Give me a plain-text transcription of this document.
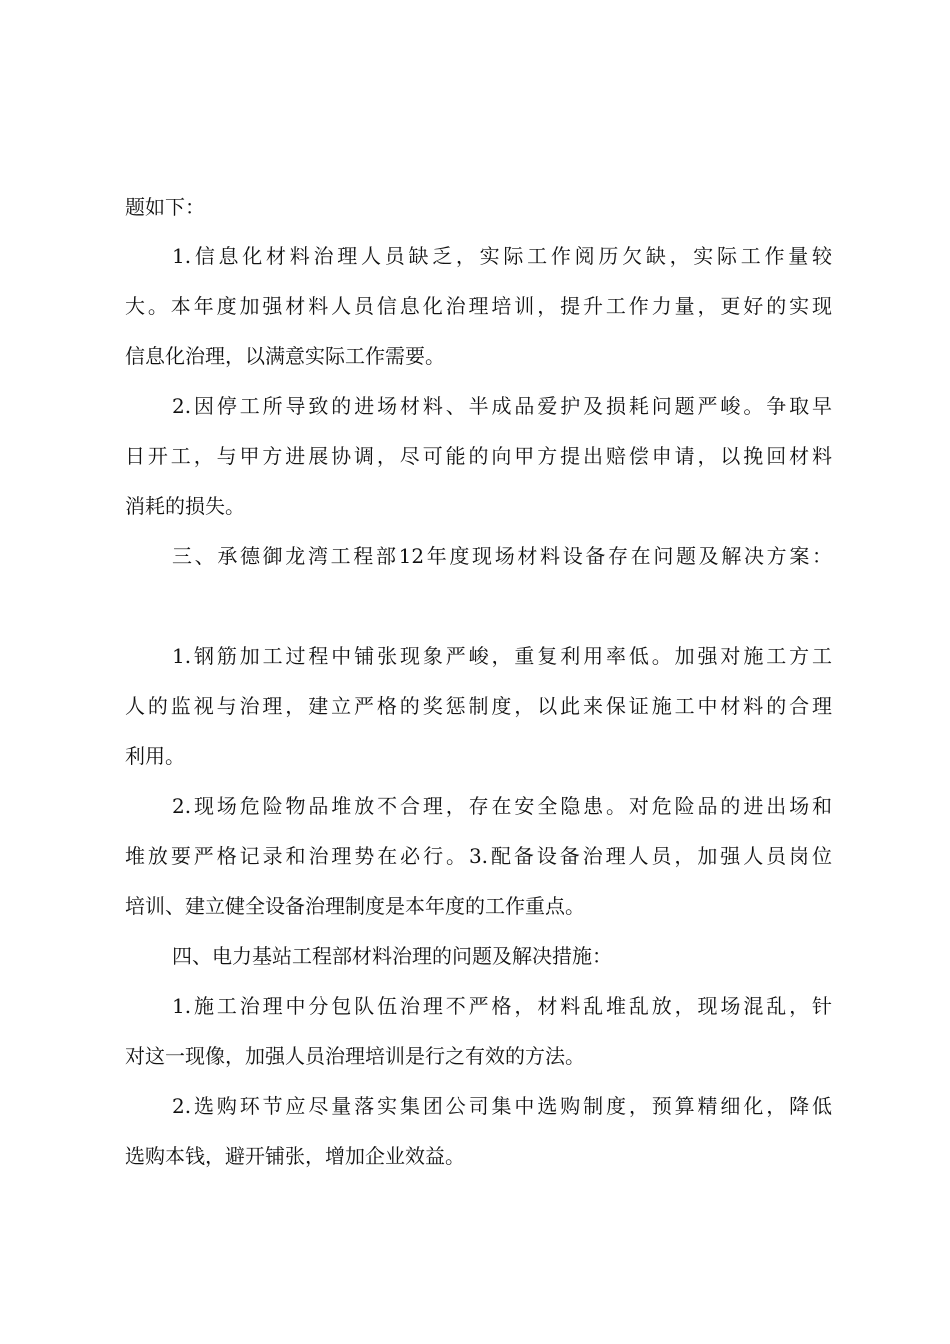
题如下：
1.信息化材料治理人员缺乏，实际工作阅历欠缺，实际工作量较
大。本年度加强材料人员信息化治理培训，提升工作力量，更好的实现
信息化治理，以满意实际工作需要。
2.因停工所导致的进场材料、半成品爱护及损耗问题严峻。争取早
日开工，与甲方进展协调，尽可能的向甲方提出赔偿申请，以挽回材料
消耗的损失。
三、承德御龙湾工程部12年度现场材料设备存在问题及解决方案：
1.钢筋加工过程中铺张现象严峻，重复利用率低。加强对施工方工
人的监视与治理，建立严格的奖惩制度，以此来保证施工中材料的合理
利用。
2.现场危险物品堆放不合理，存在安全隐患。对危险品的进出场和
堆放要严格记录和治理势在必行。3.配备设备治理人员，加强人员岗位
培训、建立健全设备治理制度是本年度的工作重点。
四、电力基站工程部材料治理的问题及解决措施：
1.施工治理中分包队伍治理不严格，材料乱堆乱放，现场混乱，针
对这一现像，加强人员治理培训是行之有效的方法。
2.选购环节应尽量落实集团公司集中选购制度，预算精细化，降低
选购本钱，避开铺张，增加企业效益。
